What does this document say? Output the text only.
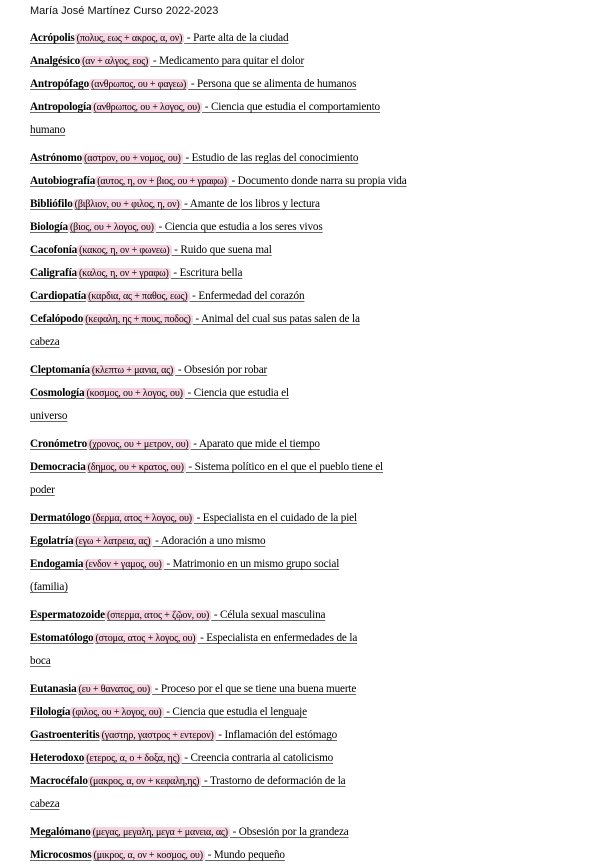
María José Martínez Curso 2022-2023
Acrópolis (πολυς, εως + ακρος, α, ον) - Parte alta de la ciudad
Analgésico (αν + αλγος, εος) - Medicamento para quitar el dolor
Antropófago (ανθρωπος, ου + φαγεω) - Persona que se alimenta de humanos
Antropología (ανθρωπος, ου + λογος, ου) - Ciencia que estudia el comportamiento
humano
Astrónomo (αστρον, ου + νομος, ου) - Estudio de las reglas del conocimiento
Autobiografía (αυτος, η, ον + βιος, ου + γραφω) - Documento donde narra su propia vida
Bibliófilo (βιβλιον, ου + φιλος, η, ον) - Amante de los libros y lectura
Biología (βιος, ου + λογος, ου) - Ciencia que estudia a los seres vivos
Cacofonía (κακος, η, ον + φωνεω) - Ruido que suena mal
Caligrafía (καλος, η, ον + γραφω) - Escritura bella
Cardiopatía (καρδια, ας + παθος, εως) - Enfermedad del corazón
Cefalópodo (κεφαλη, ης + πους, ποδος) - Animal del cual sus patas salen de la
cabeza
Cleptomanía (κλεπτω + μανια, ας) - Obsesión por robar
Cosmología (κοσμος, ου + λογος, ου) - Ciencia que estudia el
universo
Cronómetro (χρονος, ου + μετρον, ου) - Aparato que mide el tiempo
Democracia (δημος, ου + κρατος, ου) - Sistema político en el que el pueblo tiene el
poder
Dermatólogo (δερμα, ατος + λογος, ου) - Especialista en el cuidado de la piel
Egolatría (εγω + λατρεια, ας) - Adoración a uno mismo
Endogamia (ενδον + γαμος, ου) - Matrimonio en un mismo grupo social
(familia)
Espermatozoide (σπερμα, ατος + ζῷον, ου) - Célula sexual masculina
Estomatólogo (στομα, ατος + λογος, ου) - Especialista en enfermedades de la
boca
Eutanasia (ευ + θανατος, ου) - Proceso por el que se tiene una buena muerte
Filología (φιλος, ου + λογος, ου) - Ciencia que estudia el lenguaje
Gastroenteritis (γαστηρ, γαστρος + εντερον) - Inflamación del estómago
Heterodoxo (ετερος, α, ο + δοξα, ης) - Creencia contraria al catolicismo
Macrocéfalo (μακρος, α, ον + κεφαλη,ης) - Trastorno de deformación de la
cabeza
Megalómano (μεγας, μεγαλη, μεγα + μανεια, ας) - Obsesión por la grandeza
Microcosmos (μικρος, α, ον + κοσμος, ου) - Mundo pequeño
